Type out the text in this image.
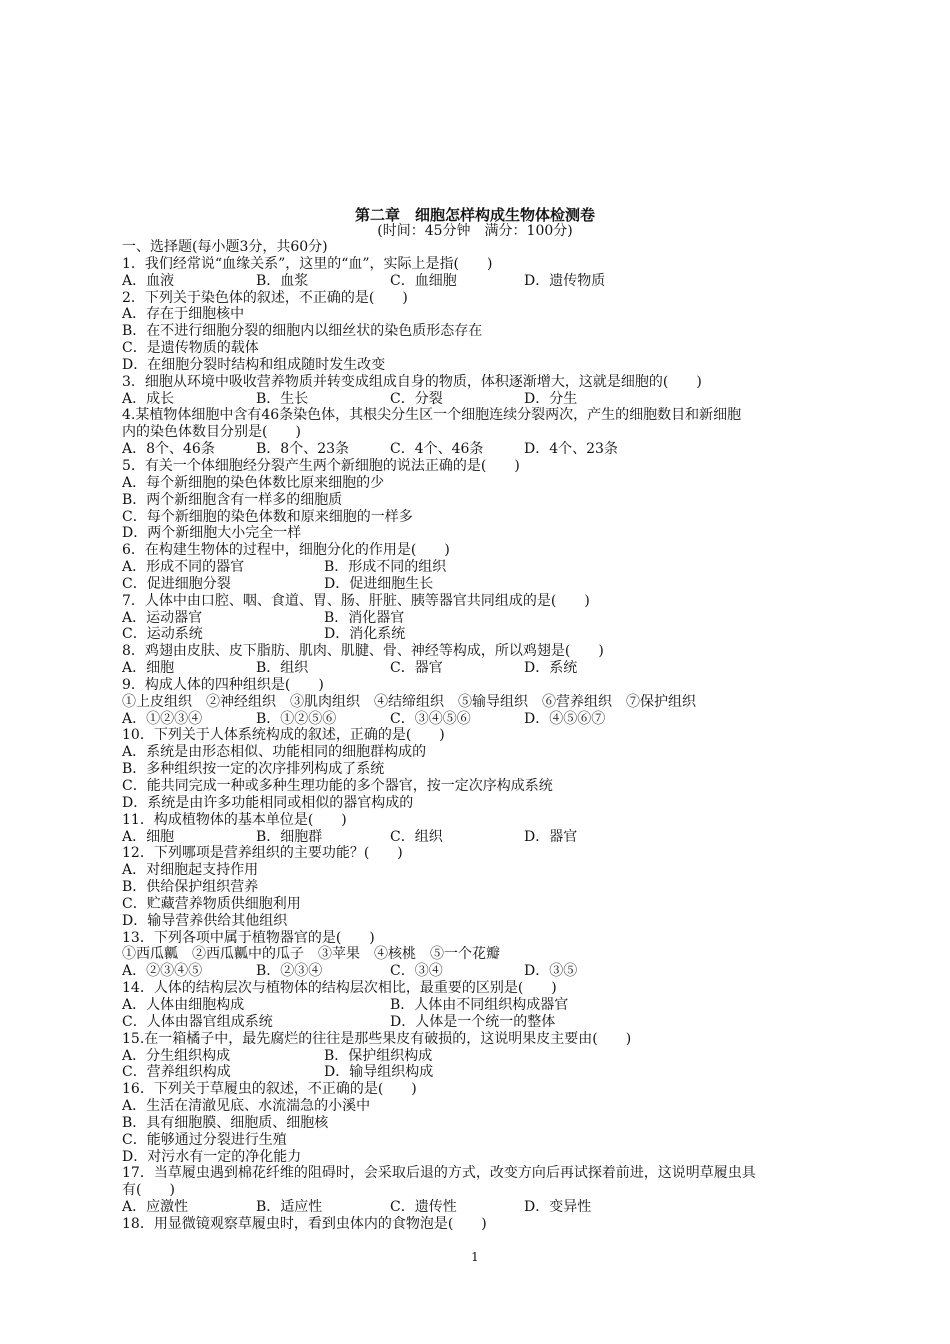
第二章　细胞怎样构成生物体检测卷
(时间：45分钟　满分：100分)
一、选择题(每小题3分，共60分)
1．我们经常说“血缘关系”，这里的“血”，实际上是指(　　)
A．血液	B．血浆	C．血细胞	D．遗传物质
2．下列关于染色体的叙述，不正确的是(　　)
A．存在于细胞核中
B．在不进行细胞分裂的细胞内以细丝状的染色质形态存在
C．是遗传物质的载体
D．在细胞分裂时结构和组成随时发生改变
3．细胞从环境中吸收营养物质并转变成组成自身的物质，体积逐渐增大，这就是细胞的(　　)
A．成长	B．生长	C．分裂	D．分生
4.某植物体细胞中含有46条染色体，其根尖分生区一个细胞连续分裂两次，产生的细胞数目和新细胞
内的染色体数目分别是(　　)
A．8个、46条	B．8个、23条	C．4个、46条	D．4个、23条
5．有关一个体细胞经分裂产生两个新细胞的说法正确的是(　　)
A．每个新细胞的染色体数比原来细胞的少
B．两个新细胞含有一样多的细胞质
C．每个新细胞的染色体数和原来细胞的一样多
D．两个新细胞大小完全一样
6．在构建生物体的过程中，细胞分化的作用是(　　)
A．形成不同的器官	B．形成不同的组织
C．促进细胞分裂	D．促进细胞生长
7．人体中由口腔、咽、食道、胃、肠、肝脏、胰等器官共同组成的是(　　)
A．运动器官	B．消化器官
C．运动系统	D．消化系统
8．鸡翅由皮肤、皮下脂肪、肌肉、肌腱、骨、神经等构成，所以鸡翅是(　　)
A．细胞	B．组织	C．器官	D．系统
9．构成人体的四种组织是(　　)
①上皮组织 ②神经组织 ③肌肉组织 ④结缔组织 ⑤输导组织 ⑥营养组织 ⑦保护组织
A．①②③④	B．①②⑤⑥	C．③④⑤⑥	D．④⑤⑥⑦
10．下列关于人体系统构成的叙述，正确的是(　　)
A．系统是由形态相似、功能相同的细胞群构成的
B．多种组织按一定的次序排列构成了系统
C．能共同完成一种或多种生理功能的多个器官，按一定次序构成系统
D．系统是由许多功能相同或相似的器官构成的
11．构成植物体的基本单位是(　　)
A．细胞	B．细胞群	C．组织	D．器官
12．下列哪项是营养组织的主要功能？(　　)
A．对细胞起支持作用
B．供给保护组织营养
C．贮藏营养物质供细胞利用
D．输导营养供给其他组织
13．下列各项中属于植物器官的是(　　)
①西瓜瓤 ②西瓜瓤中的瓜子 ③苹果 ④核桃 ⑤一个花瓣
A．②③④⑤	B．②③④	C．③④	D．③⑤
14．人体的结构层次与植物体的结构层次相比，最重要的区别是(　　)
A．人体由细胞构成	B．人体由不同组织构成器官
C．人体由器官组成系统	D．人体是一个统一的整体
15.在一箱橘子中，最先腐烂的往往是那些果皮有破损的，这说明果皮主要由(　　)
A．分生组织构成	B．保护组织构成
C．营养组织构成	D．输导组织构成
16．下列关于草履虫的叙述，不正确的是(　　)
A．生活在清澈见底、水流湍急的小溪中
B．具有细胞膜、细胞质、细胞核
C．能够通过分裂进行生殖
D．对污水有一定的净化能力
17．当草履虫遇到棉花纤维的阻碍时，会采取后退的方式，改变方向后再试探着前进，这说明草履虫具
有(　　)
A．应激性	B．适应性	C．遗传性	D．变异性
18．用显微镜观察草履虫时，看到虫体内的食物泡是(　　)
1
